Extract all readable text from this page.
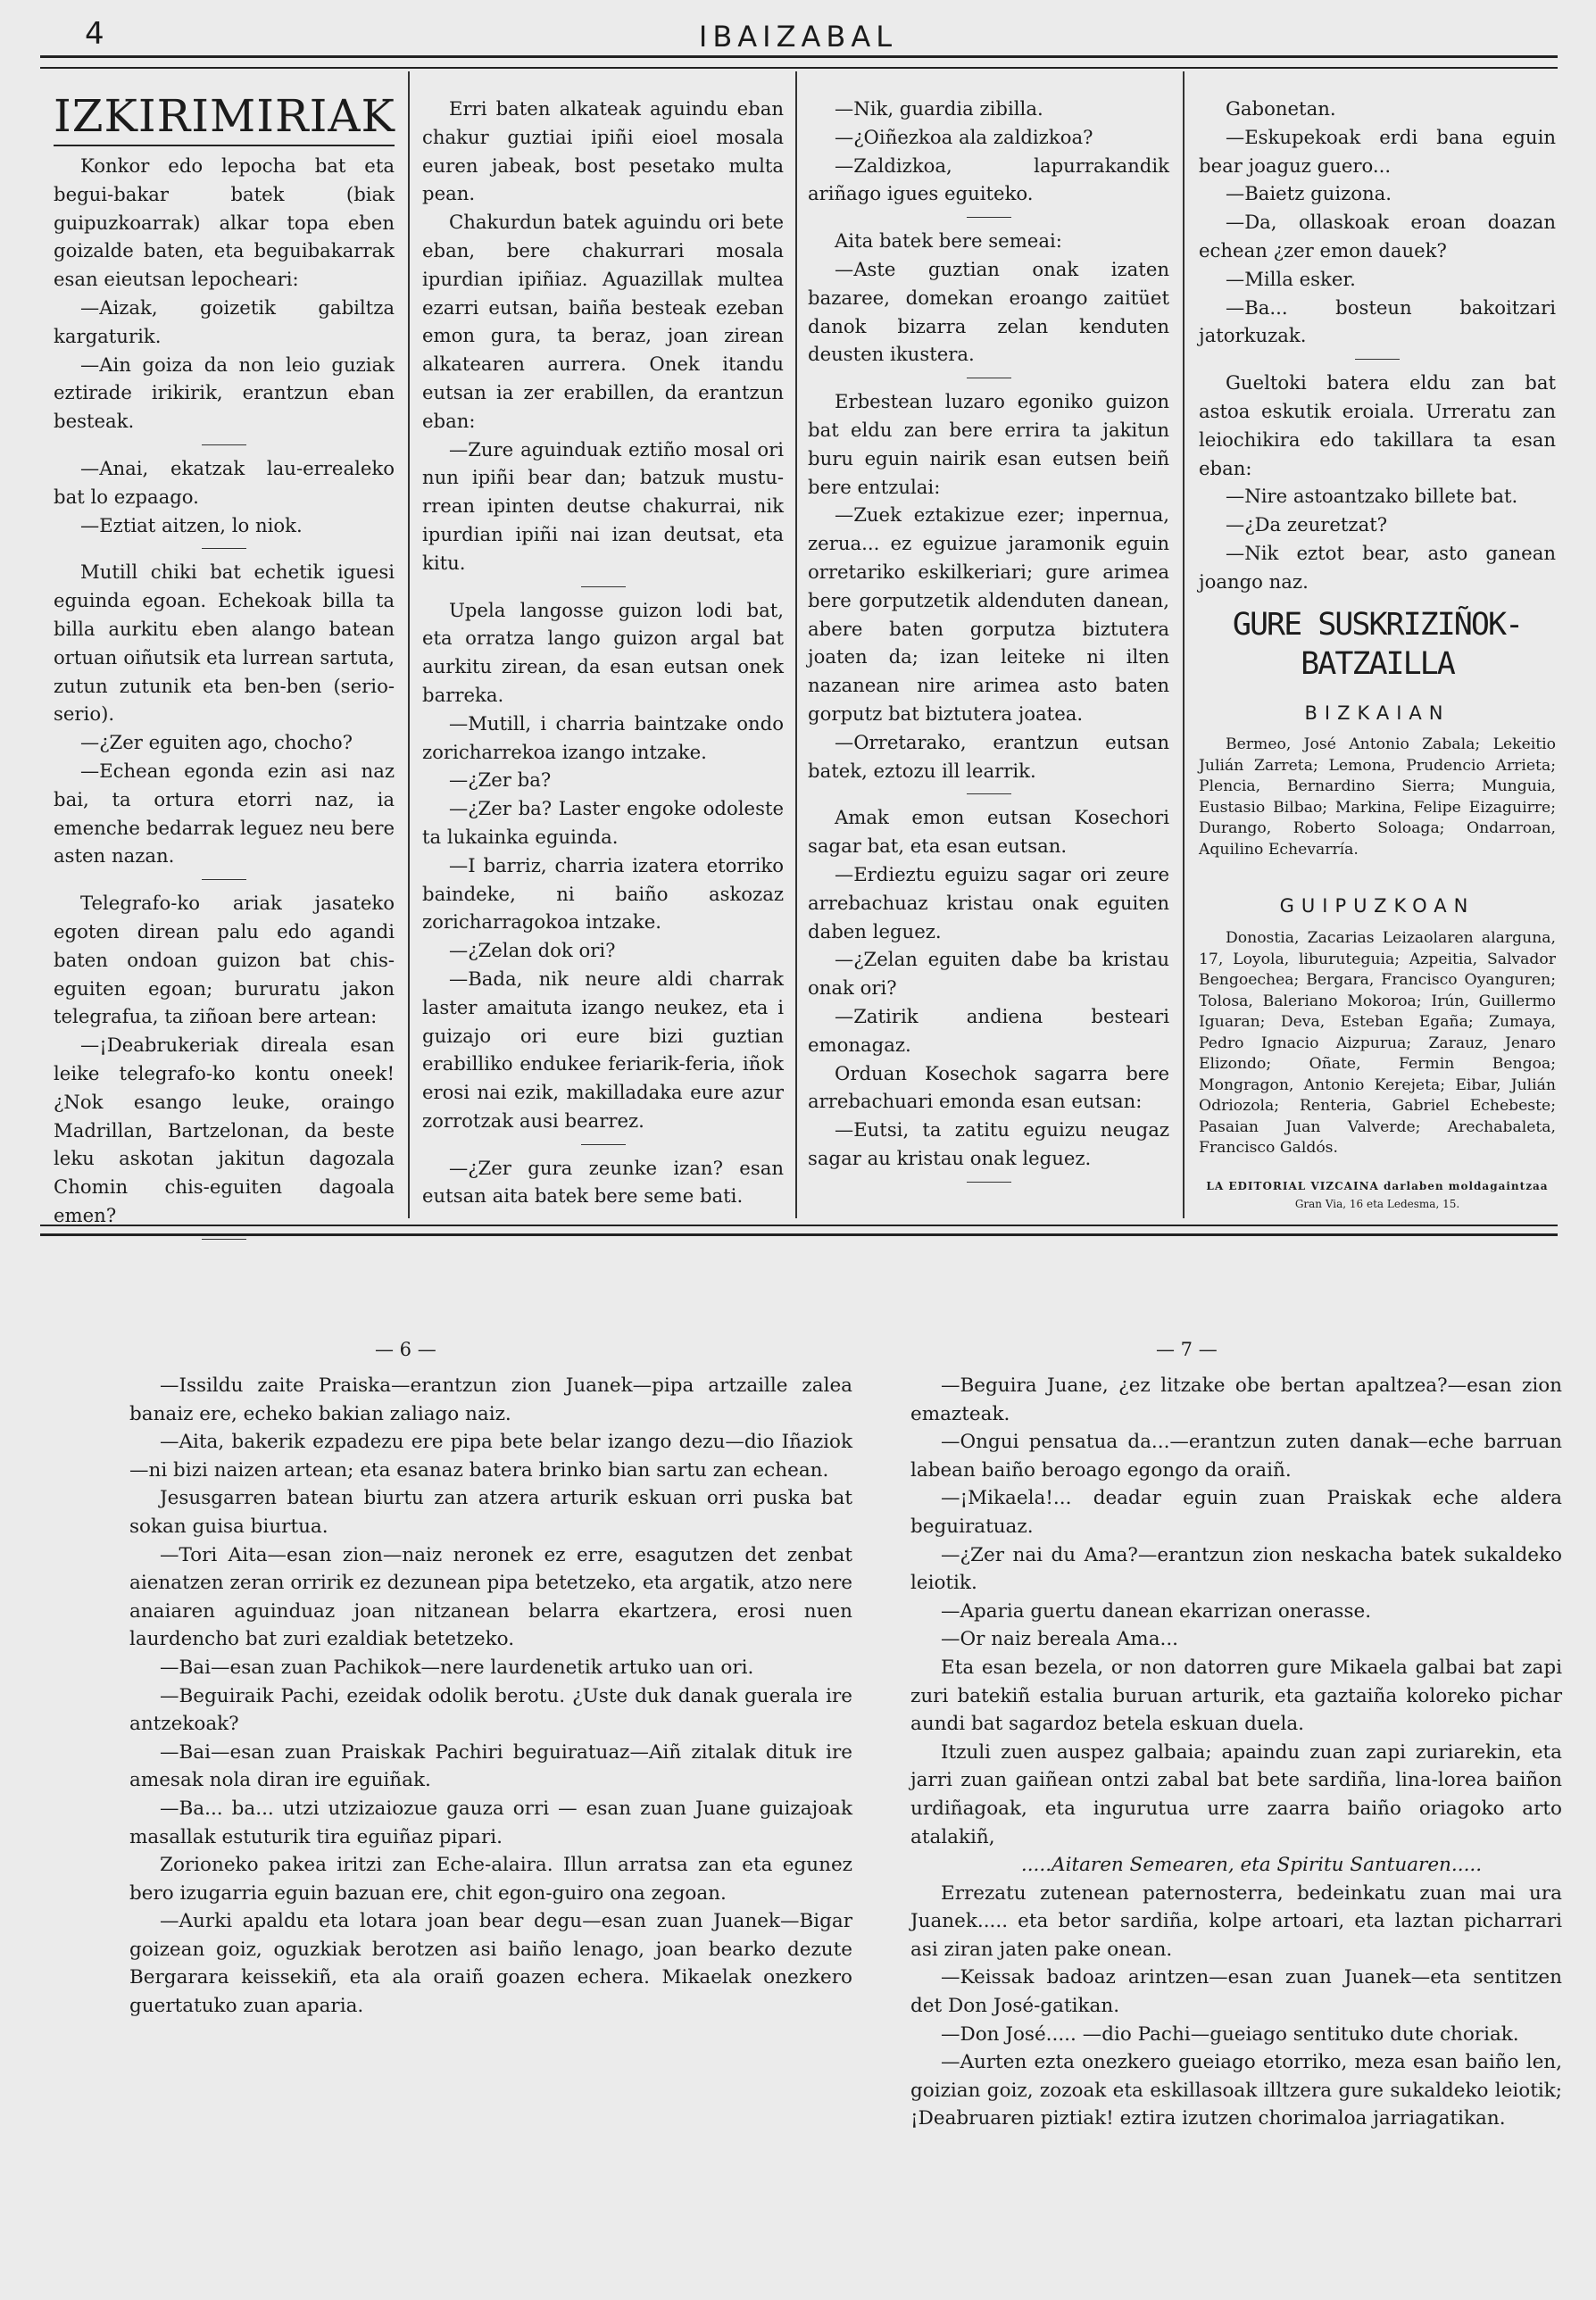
4	IBAIZABAL
IZKIRIMIRIAK

Konkor edo lepocha bat eta begui-bakar batek (biak guipuzkoarrak) alkar topa eben goizalde baten, eta beguibakarrak esan eieutsan lepocheari:

—Aizak, goizetik gabiltza kargaturik.

—Ain goiza da non leio guziak eztirade irikirik, erantzun eban besteak.

—Anai, ekatzak lau-errealeko bat lo ezpaago.

—Eztiat aitzen, lo niok.

Mutill chiki bat echetik iguesi eguinda egoan. Echekoak billa ta billa aurkitu eben alango batean ortuan oiñutsik eta lurrean sartuta, zutun zutunik eta ben-ben (serio-serio).

—¿Zer eguiten ago, chocho?

—Echean egonda ezin asi naz bai, ta ortura etorri naz, ia emenche bedarrak leguez neu bere asten nazan.

Telegrafo-ko ariak jasateko egoten direan palu edo agandi baten ondoan guizon bat chis-eguiten egoan; bururatu jakon telegrafua, ta ziñoan bere artean:

—¡Deabrukeriak direala esan leike telegrafo-ko kontu oneek! ¿Nok esango leuke, oraingo Madrillan, Bartzelonan, da beste leku askotan jakitun dagozala Chomin chis-eguiten dagoala emen?

Erri baten alkateak aguindu eban chakur guztiai ipiñi eioel mosala euren jabeak, bost pesetako multa pean.

Chakurdun batek aguindu ori bete eban, bere chakurrari mosala ipurdian ipiñiaz. Aguazillak multea ezarri eutsan, baiña besteak ezeban emon gura, ta beraz, joan zirean alkatearen aurrera. Onek itandu eutsan ia zer erabillen, da erantzun eban:

—Zure aguinduak eztiño mosal ori nun ipiñi bear dan; batzuk mustu-rrean ipinten deutse chakurrai, nik ipurdian ipiñi nai izan deutsat, eta kitu.

Upela langosse guizon lodi bat, eta orratza lango guizon argal bat aurkitu zirean, da esan eutsan onek barreka.

—Mutill, i charria baintzake ondo zoricharrekoa izango intzake.

—¿Zer ba?

—¿Zer ba? Laster engoke odoleste ta lukainka eguinda.

—I barriz, charria izatera etorriko baindeke, ni baiño askozaz zoricharragokoa intzake.

—¿Zelan dok ori?

—Bada, nik neure aldi charrak laster amaituta izango neukez, eta i guizajo ori eure bizi guztian erabilliko endukee feriarik-feria, iñok erosi nai ezik, makilladaka eure azur zorrotzak ausi bearrez.

—¿Zer gura zeunke izan? esan eutsan aita batek bere seme bati.

—Nik, guardia zibilla.

—¿Oiñezkoa ala zaldizkoa?

—Zaldizkoa, lapurrakandik ariñago igues eguiteko.

Aita batek bere semeai:

—Aste guztian onak izaten bazaree, domekan eroango zaitüet danok bizarra zelan kenduten deusten ikustera.

Erbestean luzaro egoniko guizon bat eldu zan bere errira ta jakitun buru eguin nairik esan eutsen beiñ bere entzulai:

—Zuek eztakizue ezer; inpernua, zerua... ez eguizue jaramonik eguin orretariko eskilkeriari; gure arimea bere gorputzetik aldenduten danean, abere baten gorputza biztutera joaten da; izan leiteke ni ilten nazanean nire arimea asto baten gorputz bat biztutera joatea.

—Orretarako, erantzun eutsan batek, eztozu ill learrik.

Amak emon eutsan Kosechori sagar bat, eta esan eutsan.

—Erdieztu eguizu sagar ori zeure arrebachuaz kristau onak eguiten daben leguez.

—¿Zelan eguiten dabe ba kristau onak ori?

—Zatirik andiena besteari emonagaz.

Orduan Kosechok sagarra bere arrebachuari emonda esan eutsan:

—Eutsi, ta zatitu eguizu neugaz sagar au kristau onak leguez.

Gabonetan.

—Eskupekoak erdi bana eguin bear joaguz guero...

—Baietz guizona.

—Da, ollaskoak eroan doazan echean ¿zer emon dauek?

—Milla esker.

—Ba... bosteun bakoitzari jatorkuzak.

Gueltoki batera eldu zan bat astoa eskutik eroiala. Urreratu zan leiochikira edo takillara ta esan eban:

—Nire astoantzako billete bat.

—¿Da zeuretzat?

—Nik eztot bear, asto ganean joango naz.

GURE SUSKRIZIÑOK-BATZAILLA
BIZKAIAN

Bermeo, José Antonio Zabala; Lekeitio Julián Zarreta; Lemona, Prudencio Arrieta; Plencia, Bernardino Sierra; Munguia, Eustasio Bilbao; Markina, Felipe Eizaguirre; Durango, Roberto Soloaga; Ondarroan, Aquilino Echevarría.

GUIPUZKOAN

Donostia, Zacarias Leizaolaren alarguna, 17, Loyola, liburuteguia; Azpeitia, Salvador Bengoechea; Bergara, Francisco Oyanguren; Tolosa, Baleriano Mokoroa; Irún, Guillermo Iguaran; Deva, Esteban Egaña; Zumaya, Pedro Ignacio Aizpurua; Zarauz, Jenaro Elizondo; Oñate, Fermin Bengoa; Mongragon, Antonio Kerejeta; Eibar, Julián Odriozola; Renteria, Gabriel Echebeste; Pasaian Juan Valverde; Arechabaleta, Francisco Galdós.

LA EDITORIAL VIZCAINA darlaben moldagaintzaa
Gran Via, 16 eta Ledesma, 15.
— 6 —

—Issildu zaite Praiska—erantzun zion Juanek—pipa artzaille zalea banaiz ere, echeko bakian zaliago naiz.

—Aita, bakerik ezpadezu ere pipa bete belar izango dezu—dio Iñaziok—ni bizi naizen artean; eta esanaz batera brinko bian sartu zan echean.

Jesusgarren batean biurtu zan atzera arturik eskuan orri puska bat sokan guisa biurtua.

—Tori Aita—esan zion—naiz neronek ez erre, esagutzen det zenbat aienatzen zeran orririk ez dezunean pipa betetzeko, eta argatik, atzo nere anaiaren aguinduaz joan nitzanean belarra ekartzera, erosi nuen laurdencho bat zuri ezaldiak betetzeko.

—Bai—esan zuan Pachikok—nere laurdenetik artuko uan ori.

—Beguiraik Pachi, ezeidak odolik berotu. ¿Uste duk danak guerala ire antzekoak?

—Bai—esan zuan Praiskak Pachiri beguiratuaz—Aiñ zitalak dituk ire amesak nola diran ire eguiñak.

—Ba... ba... utzi utzizaiozue gauza orri — esan zuan Juane guizajoak masallak estuturik tira eguiñaz pipari.

Zorioneko pakea iritzi zan Eche-alaira. Illun arratsa zan eta egunez bero izugarria eguin bazuan ere, chit egon-guiro ona zegoan.

—Aurki apaldu eta lotara joan bear degu—esan zuan Juanek—Bigar goizean goiz, oguzkiak berotzen asi baiño lenago, joan bearko dezute Bergarara keissekiñ, eta ala oraiñ goazen echera. Mikaelak onezkero guertatuko zuan aparia.

— 7 —

—Beguira Juane, ¿ez litzake obe bertan apaltzea?—esan zion emazteak.

—Ongui pensatua da...—erantzun zuten danak—eche barruan labean baiño beroago egongo da oraiñ.

—¡Mikaela!... deadar eguin zuan Praiskak eche aldera beguiratuaz.

—¿Zer nai du Ama?—erantzun zion neskacha batek sukaldeko leiotik.

—Aparia guertu danean ekarrizan onerasse.

—Or naiz bereala Ama...

Eta esan bezela, or non datorren gure Mikaela galbai bat zapi zuri batekiñ estalia buruan arturik, eta gaztaiña koloreko pichar aundi bat sagardoz betela eskuan duela.

Itzuli zuen auspez galbaia; apaindu zuan zapi zuriarekin, eta jarri zuan gaiñean ontzi zabal bat bete sardiña, lina-lorea baiñon urdiñagoak, eta ingurutua urre zaarra baiño oriagoko arto atalakiñ,

.....Aitaren Semearen, eta Spiritu Santuaren.....

Errezatu zutenean paternosterra, bedeinkatu zuan mai ura Juanek..... eta betor sardiña, kolpe artoari, eta laztan picharrari asi ziran jaten pake onean.

—Keissak badoaz arintzen—esan zuan Juanek—eta sentitzen det Don José-gatikan.

—Don José..... —dio Pachi—gueiago sentituko dute choriak.

—Aurten ezta onezkero gueiago etorriko, meza esan baiño len, goizian goiz, zozoak eta eskillasoak illtzera gure sukaldeko leiotik; ¡Deabruaren piztiak! eztira izutzen chorimaloa jarriagatikan.
